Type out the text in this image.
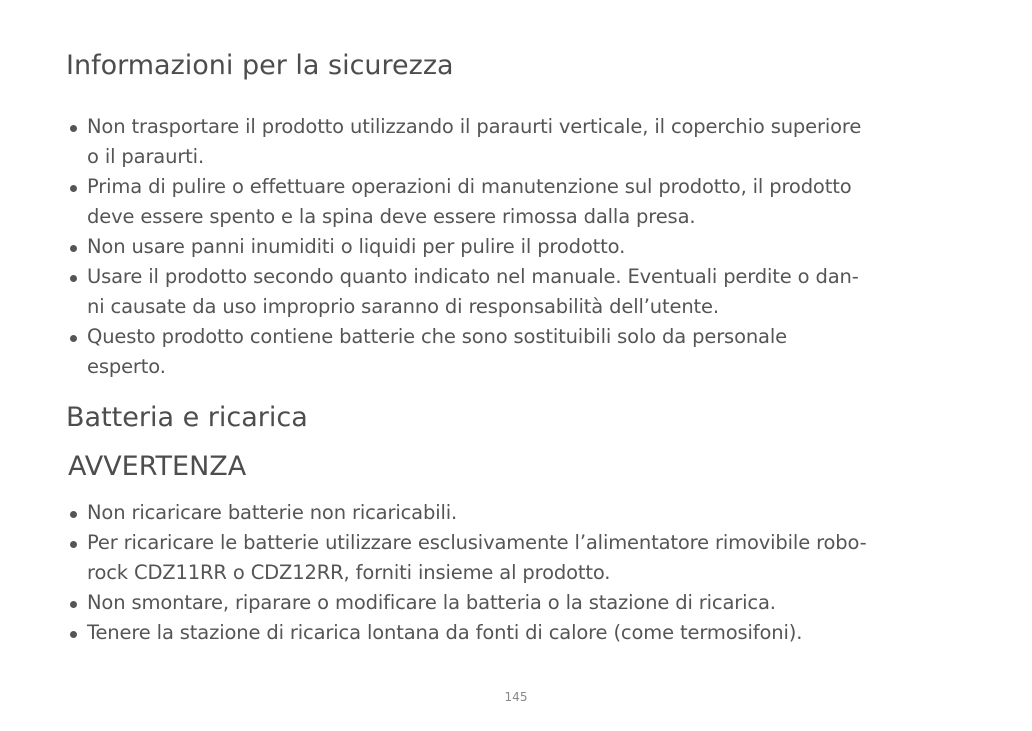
Informazioni per la sicurezza
Non trasportare il prodotto utilizzando il paraurti verticale, il coperchio superiore
o il paraurti.
Prima di pulire o effettuare operazioni di manutenzione sul prodotto, il prodotto
deve essere spento e la spina deve essere rimossa dalla presa.
Non usare panni inumiditi o liquidi per pulire il prodotto.
Usare il prodotto secondo quanto indicato nel manuale. Eventuali perdite o dan-
ni causate da uso improprio saranno di responsabilità dell’utente.
Questo prodotto contiene batterie che sono sostituibili solo da personale
esperto.
Batteria e ricarica
AVVERTENZA
Non ricaricare batterie non ricaricabili.
Per ricaricare le batterie utilizzare esclusivamente l’alimentatore rimovibile robo-
rock CDZ11RR o CDZ12RR, forniti insieme al prodotto.
Non smontare, riparare o modificare la batteria o la stazione di ricarica.
Tenere la stazione di ricarica lontana da fonti di calore (come termosifoni).
145
